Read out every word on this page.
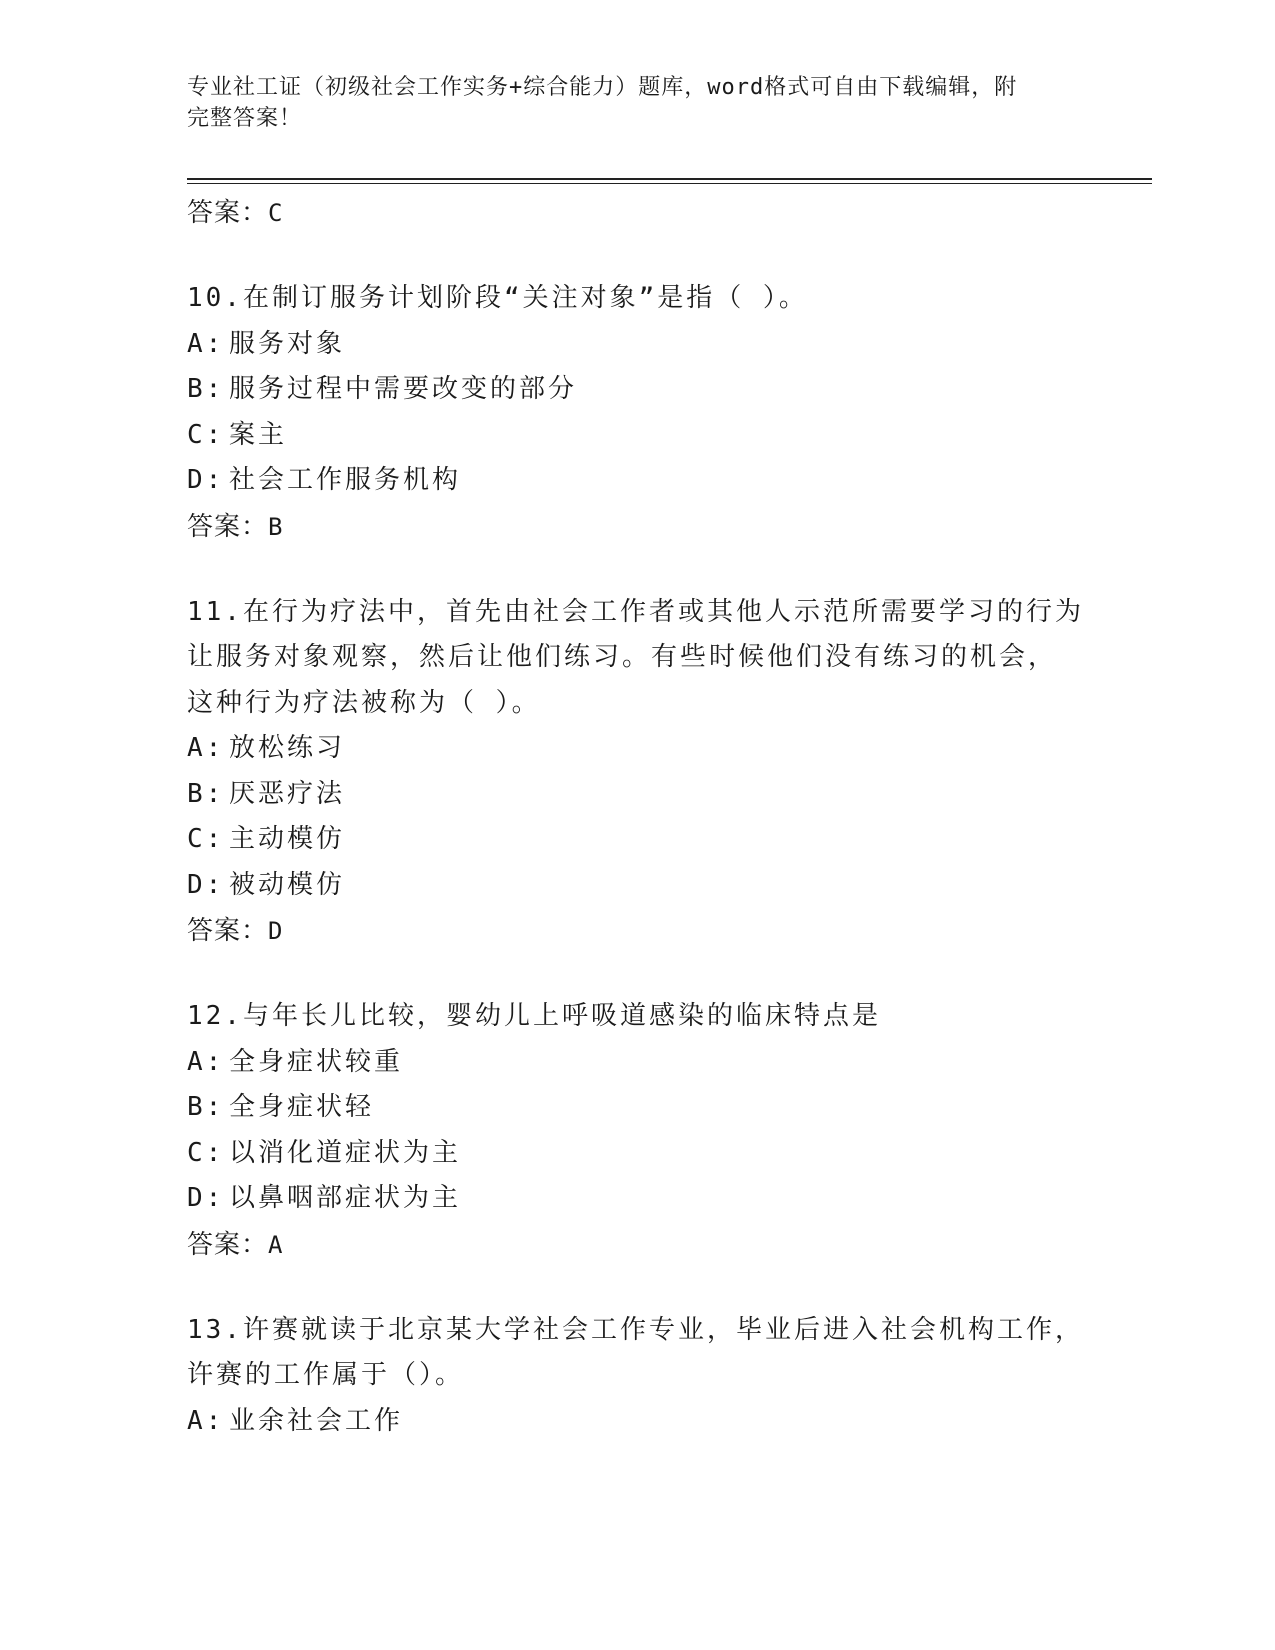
专业社工证（初级社会工作实务+综合能力）题库，word格式可自由下载编辑，附
完整答案！

答案：C

10.在制订服务计划阶段“关注对象”是指（ ）。

A: 服务对象

B: 服务过程中需要改变的部分

C: 案主

D: 社会工作服务机构

答案：B

11.在行为疗法中，首先由社会工作者或其他人示范所需要学习的行为

让服务对象观察，然后让他们练习。有些时候他们没有练习的机会，

这种行为疗法被称为（ ）。

A: 放松练习

B: 厌恶疗法

C: 主动模仿

D: 被动模仿

答案：D

12.与年长儿比较，婴幼儿上呼吸道感染的临床特点是

A: 全身症状较重

B: 全身症状轻

C: 以消化道症状为主

D: 以鼻咽部症状为主

答案：A

13.许赛就读于北京某大学社会工作专业，毕业后进入社会机构工作，

许赛的工作属于（）。

A: 业余社会工作
